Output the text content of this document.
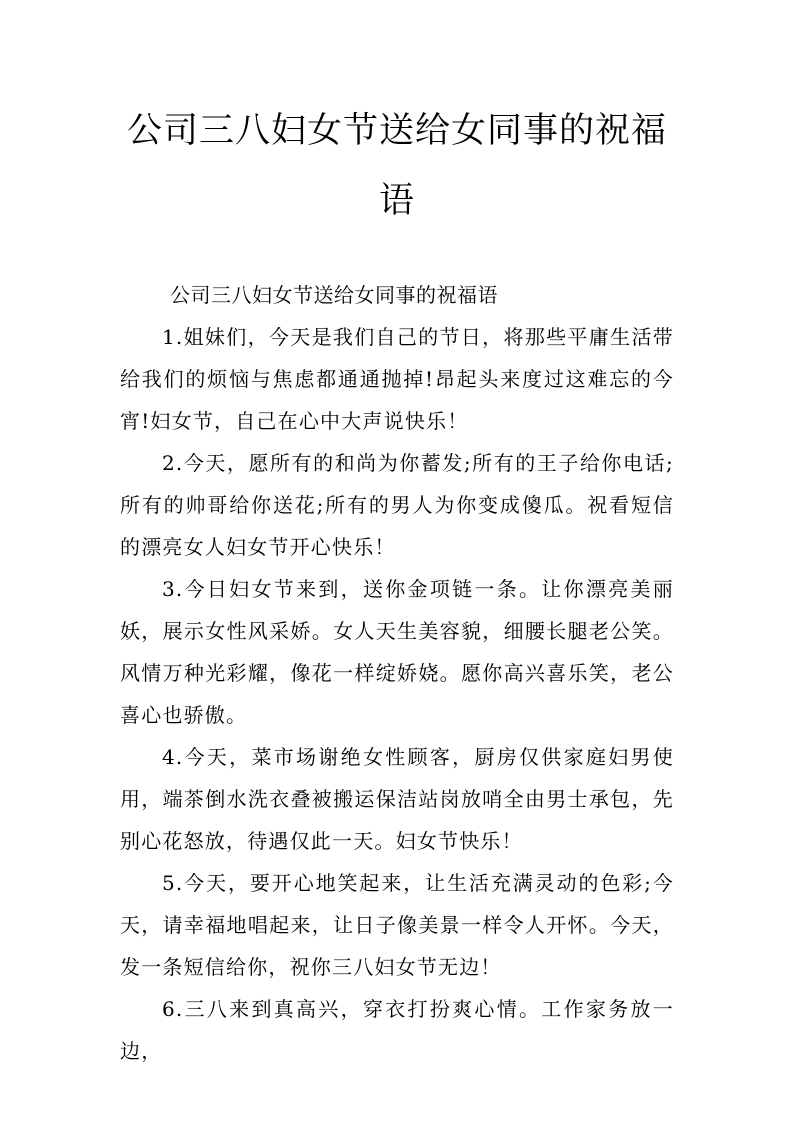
公司三八妇女节送给女同事的祝福语

公司三八妇女节送给女同事的祝福语

1.姐妹们，今天是我们自己的节日，将那些平庸生活带给我们的烦恼与焦虑都通通抛掉!昂起头来度过这难忘的今宵!妇女节，自己在心中大声说快乐！

2.今天，愿所有的和尚为你蓄发;所有的王子给你电话;所有的帅哥给你送花;所有的男人为你变成傻瓜。祝看短信的漂亮女人妇女节开心快乐！

3.今日妇女节来到，送你金项链一条。让你漂亮美丽妖，展示女性风采娇。女人天生美容貌，细腰长腿老公笑。风情万种光彩耀，像花一样绽娇娆。愿你高兴喜乐笑，老公喜心也骄傲。

4.今天，菜市场谢绝女性顾客，厨房仅供家庭妇男使用，端茶倒水洗衣叠被搬运保洁站岗放哨全由男士承包，先别心花怒放，待遇仅此一天。妇女节快乐！

5.今天，要开心地笑起来，让生活充满灵动的色彩;今天，请幸福地唱起来，让日子像美景一样令人开怀。今天，发一条短信给你，祝你三八妇女节无边！

6.三八来到真高兴，穿衣打扮爽心情。工作家务放一边，
